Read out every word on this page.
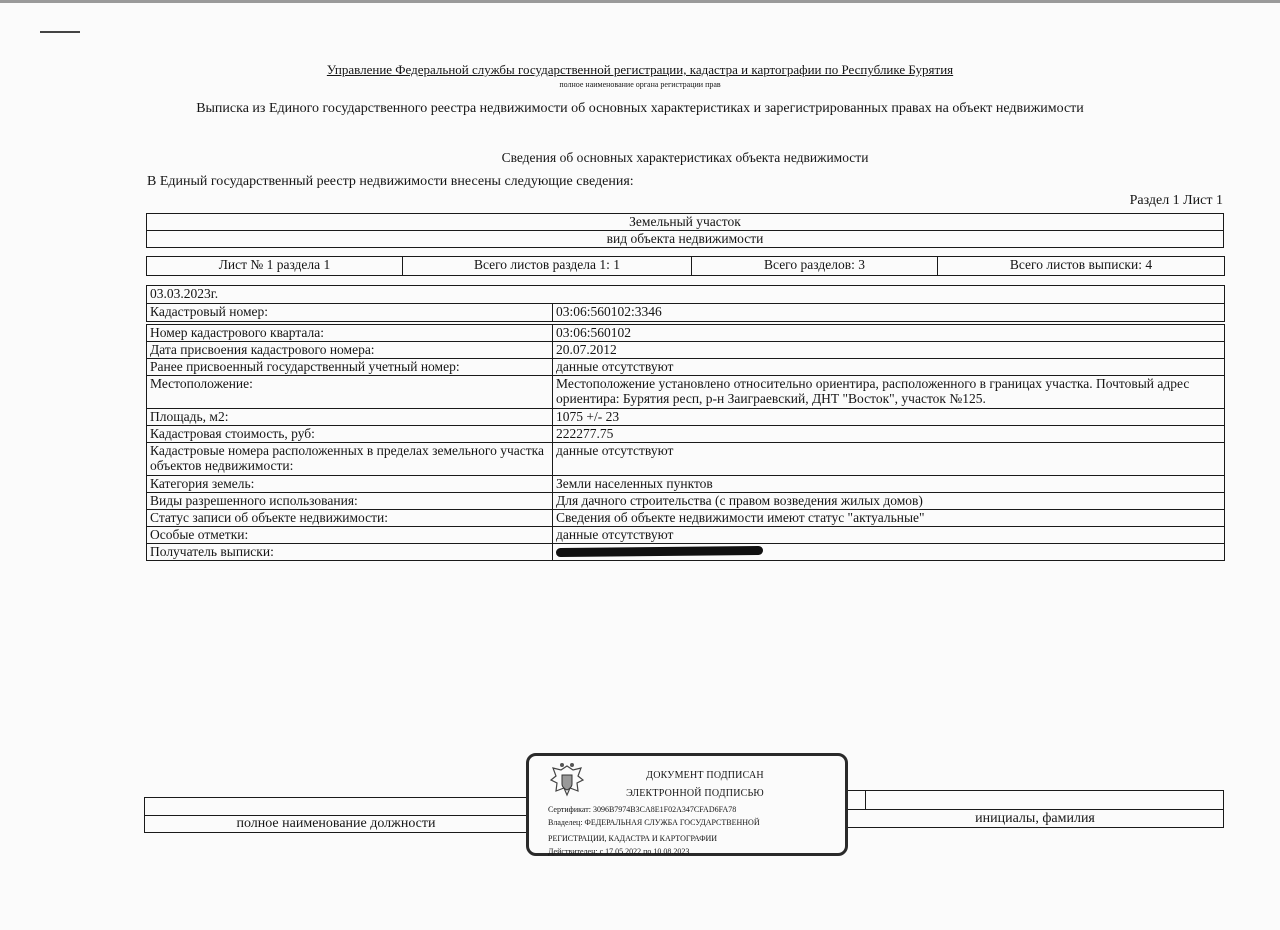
Управление Федеральной службы государственной регистрации, кадастра и картографии по Республике Бурятия
полное наименование органа регистрации прав
Выписка из Единого государственного реестра недвижимости об основных характеристиках и зарегистрированных правах на объект недвижимости
Сведения об основных характеристиках объекта недвижимости
В Единый государственный реестр недвижимости внесены следующие сведения:
Раздел 1 Лист 1
Земельный участок
вид объекта недвижимости
Лист № 1 раздела 1	Всего листов раздела 1: 1	Всего разделов: 3	Всего листов выписки: 4
03.03.2023г.
Кадастровый номер:	03:06:560102:3346
Номер кадастрового квартала:	03:06:560102
Дата присвоения кадастрового номера:	20.07.2012
Ранее присвоенный государственный учетный номер:	данные отсутствуют
Местоположение:	Местоположение установлено относительно ориентира, расположенного в границах участка. Почтовый адрес ориентира: Бурятия респ, р-н Заиграевский, ДНТ "Восток", участок №125.
Площадь, м2:	1075 +/- 23
Кадастровая стоимость, руб:	222277.75
Кадастровые номера расположенных в пределах земельного участка объектов недвижимости:	данные отсутствуют
Категория земель:	Земли населенных пунктов
Виды разрешенного использования:	Для дачного строительства (с правом возведения жилых домов)
Статус записи об объекте недвижимости:	Сведения об объекте недвижимости имеют статус "актуальные"
Особые отметки:	данные отсутствуют
Получатель выписки:	
полное наименование должности	инициалы, фамилия
ДОКУМЕНТ ПОДПИСАН
ЭЛЕКТРОННОЙ ПОДПИСЬЮ
Сертификат: 3096B7974B3CA8E1F02A347CFAD6FA78
Владелец: ФЕДЕРАЛЬНАЯ СЛУЖБА ГОСУДАРСТВЕННОЙ
РЕГИСТРАЦИИ, КАДАСТРА И КАРТОГРАФИИ
Действителен: с 17.05.2022 по 10.08.2023
